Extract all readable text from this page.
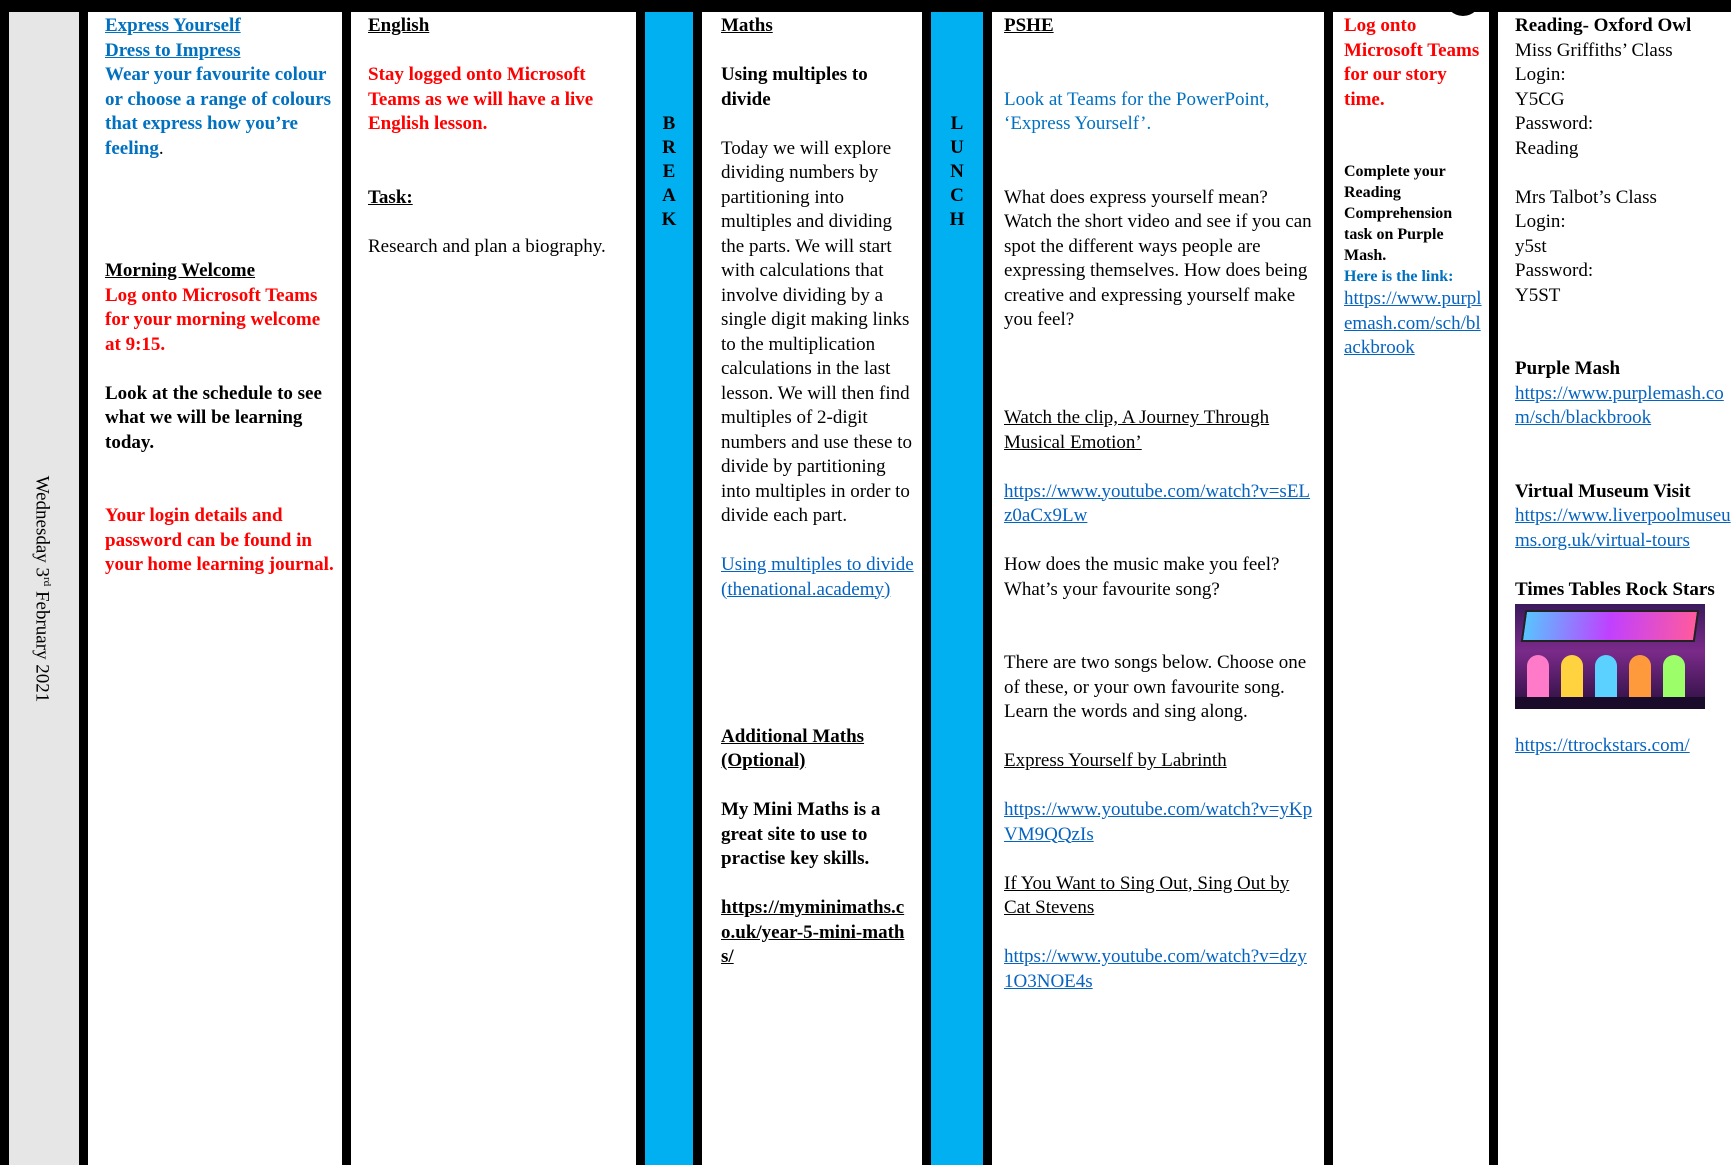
Wednesday 3rd February 2021

Express Yourself

Dress to Impress

Wear your favourite colour or choose a range of colours that express how you’re feeling.

Morning Welcome

Log onto Microsoft Teams for your morning welcome at 9:15.

Look at the schedule to see what we will be learning today.

Your login details and password can be found in your home learning journal.

English

Stay logged onto Microsoft Teams as we will have a live English lesson.

Task:

Research and plan a biography.

B
R
E
A
K

Maths

Using multiples to divide

Today we will explore dividing numbers by partitioning into multiples and dividing the parts. We will start with calculations that involve dividing by a single digit making links to the multiplication calculations in the last lesson. We will then find multiples of 2-digit numbers and use these to divide by partitioning into multiples in order to divide each part.

Using multiples to divide (thenational.academy)

Additional Maths (Optional)

My Mini Maths is a great site to use to practise key skills.

https://myminimaths.co.uk/year-5-mini-maths/

L
U
N
C
H

PSHE

Look at Teams for the PowerPoint, ‘Express Yourself’.

What does express yourself mean? Watch the short video and see if you can spot the different ways people are expressing themselves. How does being creative and expressing yourself make you feel?

Watch the clip, A Journey Through Musical Emotion’

https://www.youtube.com/watch?v=sELz0aCx9Lw

How does the music make you feel? What’s your favourite song?

There are two songs below. Choose one of these, or your own favourite song.

Learn the words and sing along.

Express Yourself by Labrinth

https://www.youtube.com/watch?v=yKpVM9QQzIs

If You Want to Sing Out, Sing Out by Cat Stevens

https://www.youtube.com/watch?v=dzy1O3NOE4s

Log onto Microsoft Teams for our story time.

Complete your Reading Comprehension task on Purple Mash.

Here is the link:

https://www.purplemash.com/sch/blackbrook

Reading- Oxford Owl

Miss Griffiths’ Class

Login:

Y5CG

Password:

Reading

Mrs Talbot’s Class

Login:

y5st

Password:

Y5ST

Purple Mash

https://www.purplemash.com/sch/blackbrook

Virtual Museum Visit

https://www.liverpoolmuseums.org.uk/virtual-tours

Times Tables Rock Stars

https://ttrockstars.com/
